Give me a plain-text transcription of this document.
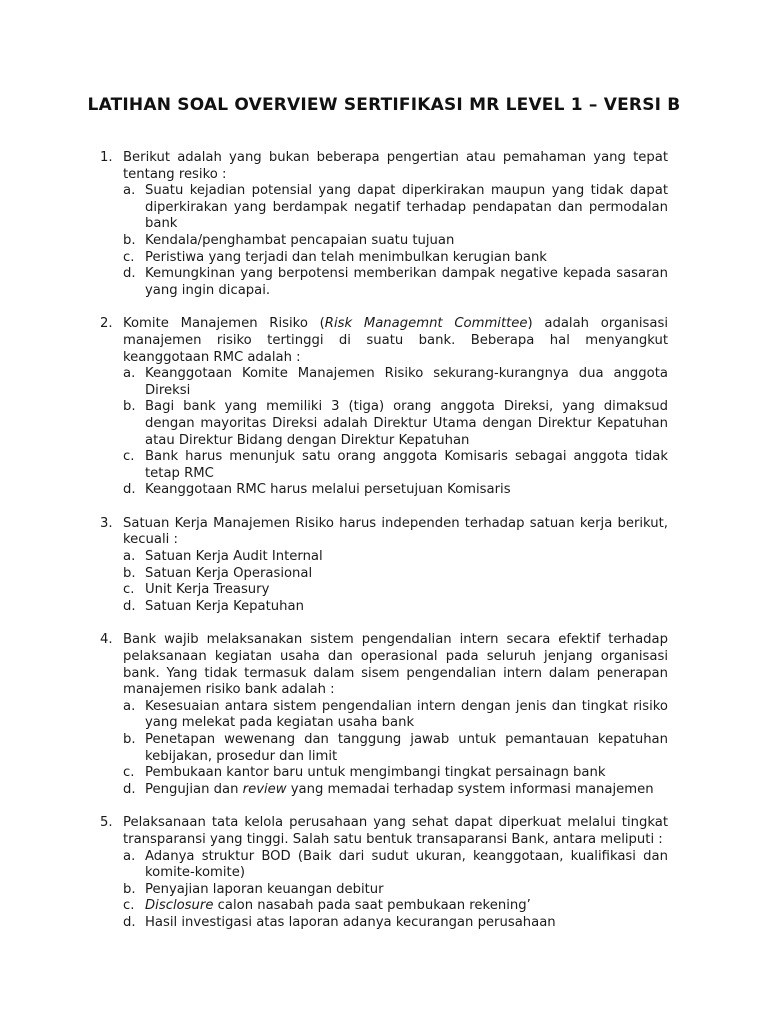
LATIHAN SOAL OVERVIEW SERTIFIKASI MR LEVEL 1 – VERSI B
1. Berikut adalah yang bukan beberapa pengertian atau pemahaman yang tepat tentang resiko :
a. Suatu kejadian potensial yang dapat diperkirakan maupun yang tidak dapat diperkirakan yang berdampak negatif terhadap pendapatan dan permodalan bank
b. Kendala/penghambat pencapaian suatu tujuan
c. Peristiwa yang terjadi dan telah menimbulkan kerugian bank
d. Kemungkinan yang berpotensi memberikan dampak negative kepada sasaran yang ingin dicapai.
2. Komite Manajemen Risiko (Risk Managemnt Committee) adalah organisasi manajemen risiko tertinggi di suatu bank. Beberapa hal menyangkut keanggotaan RMC adalah :
a. Keanggotaan Komite Manajemen Risiko sekurang-kurangnya dua anggota Direksi
b. Bagi bank yang memiliki 3 (tiga) orang anggota Direksi, yang dimaksud dengan mayoritas Direksi adalah Direktur Utama dengan Direktur Kepatuhan atau Direktur Bidang dengan Direktur Kepatuhan
c. Bank harus menunjuk satu orang anggota Komisaris sebagai anggota tidak tetap RMC
d. Keanggotaan RMC harus melalui persetujuan Komisaris
3. Satuan Kerja Manajemen Risiko harus independen terhadap satuan kerja berikut, kecuali :
a. Satuan Kerja Audit Internal
b. Satuan Kerja Operasional
c. Unit Kerja Treasury
d. Satuan Kerja Kepatuhan
4. Bank wajib melaksanakan sistem pengendalian intern secara efektif terhadap pelaksanaan kegiatan usaha dan operasional pada seluruh jenjang organisasi bank. Yang tidak termasuk dalam sisem pengendalian intern dalam penerapan manajemen risiko bank adalah :
a. Kesesuaian antara sistem pengendalian intern dengan jenis dan tingkat risiko yang melekat pada kegiatan usaha bank
b. Penetapan wewenang dan tanggung jawab untuk pemantauan kepatuhan kebijakan, prosedur dan limit
c. Pembukaan kantor baru untuk mengimbangi tingkat persainagn bank
d. Pengujian dan review yang memadai terhadap system informasi manajemen
5. Pelaksanaan tata kelola perusahaan yang sehat dapat diperkuat melalui tingkat transparansi yang tinggi. Salah satu bentuk transaparansi Bank, antara meliputi :
a. Adanya struktur BOD (Baik dari sudut ukuran, keanggotaan, kualifikasi dan komite-komite)
b. Penyajian laporan keuangan debitur
c. Disclosure calon nasabah pada saat pembukaan rekening’
d. Hasil investigasi atas laporan adanya kecurangan perusahaan
